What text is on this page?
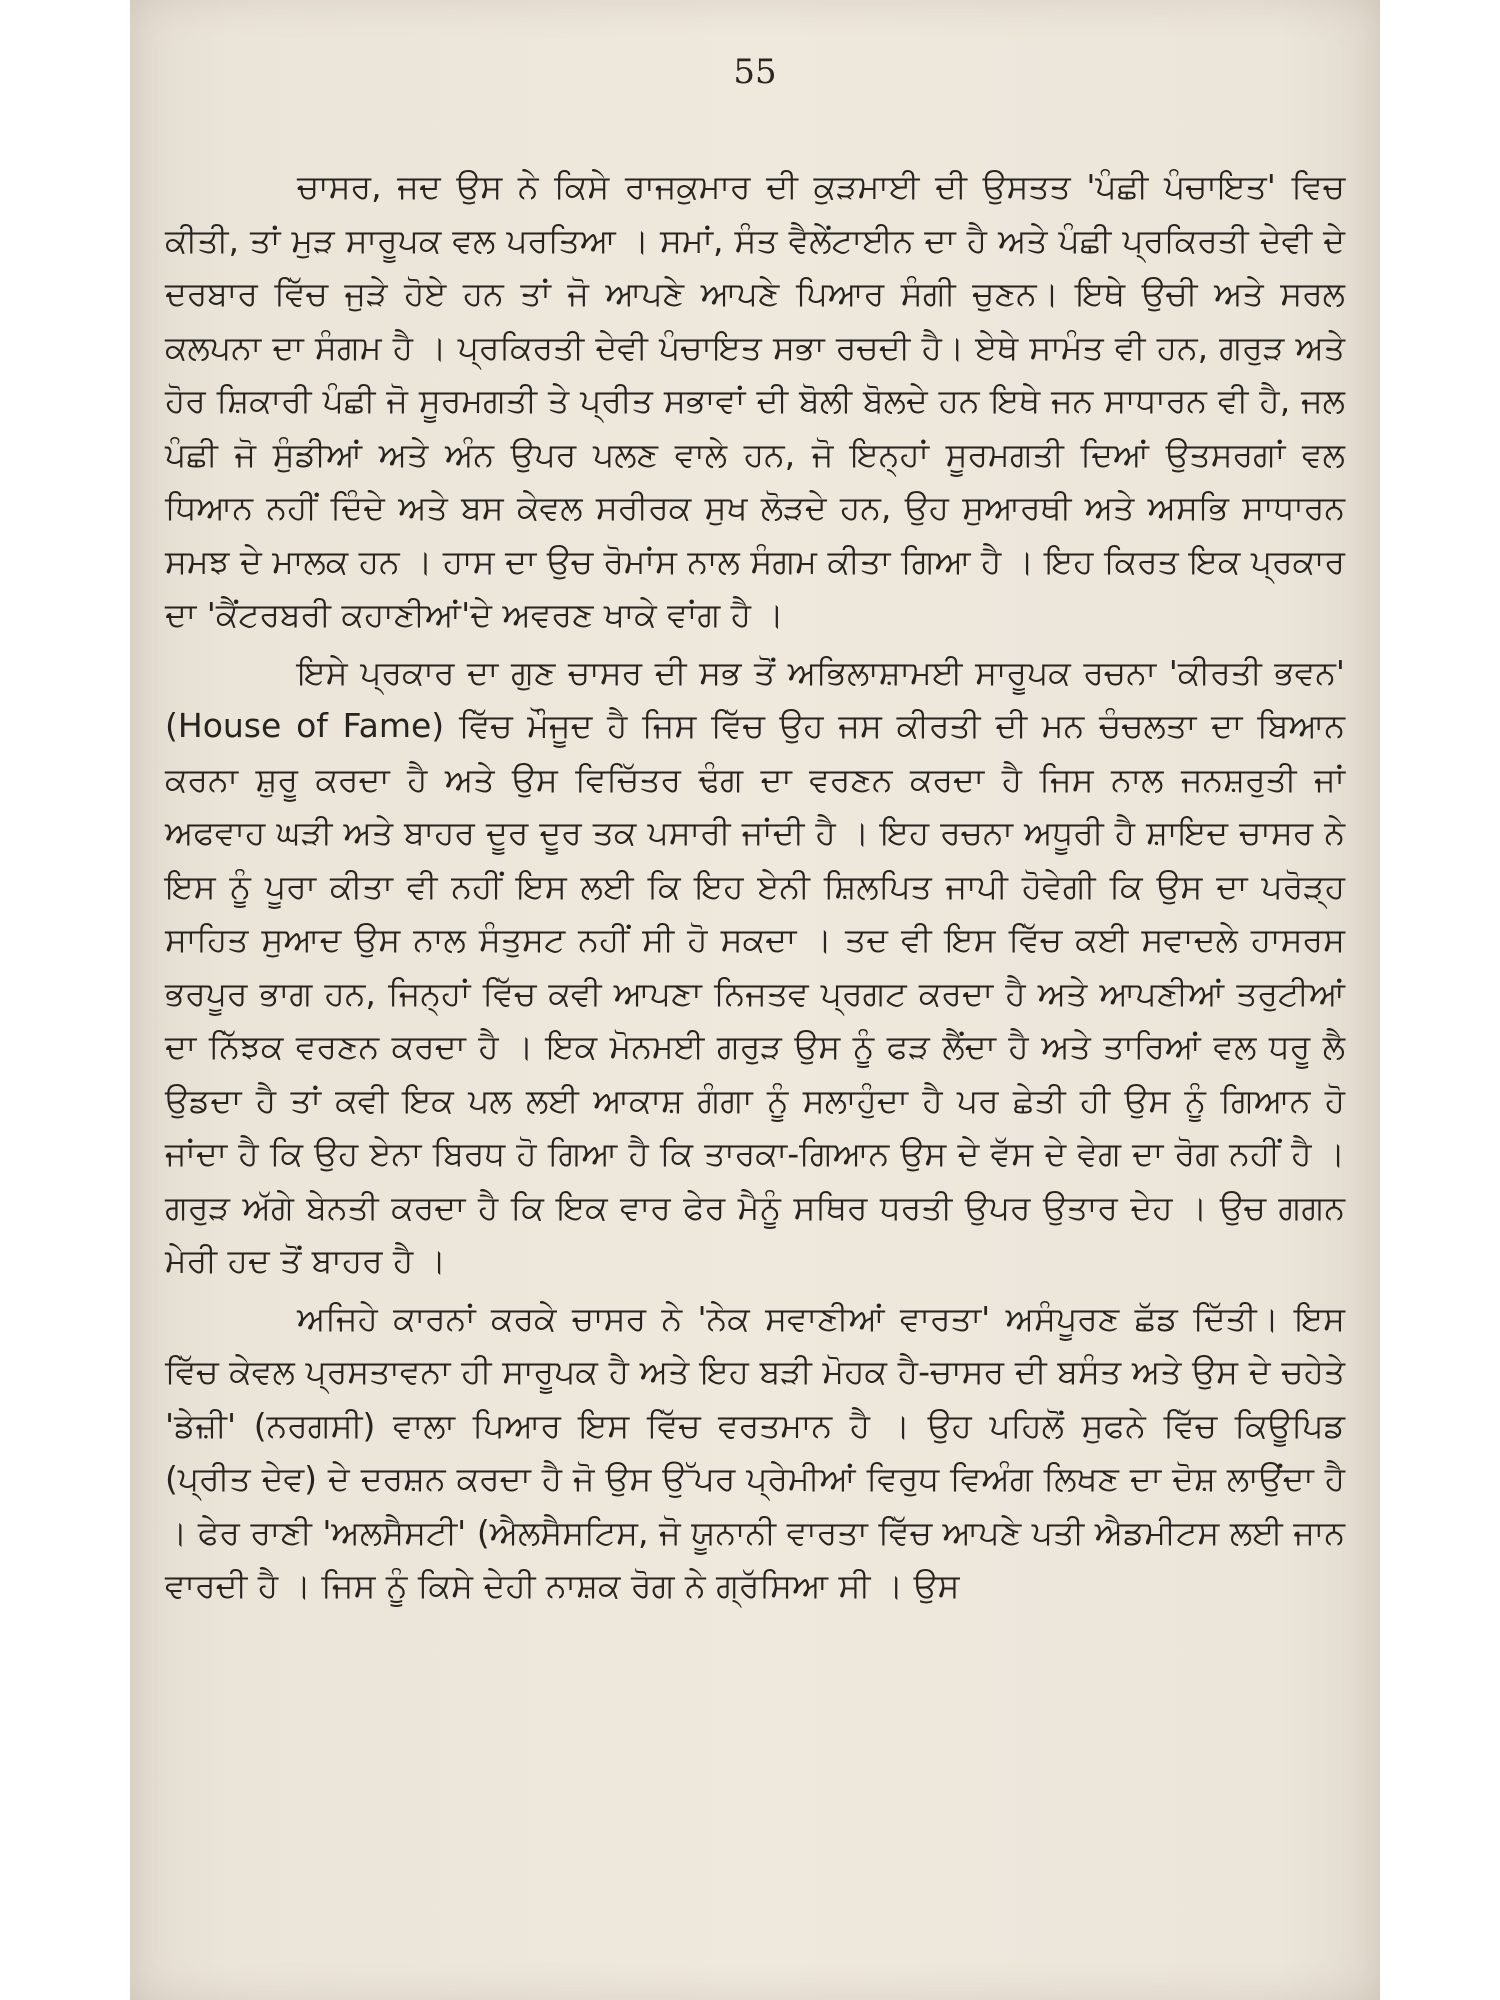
55

ਚਾਸਰ, ਜਦ ਉਸ ਨੇ ਕਿਸੇ ਰਾਜਕੁਮਾਰ ਦੀ ਕੁੜਮਾਈ ਦੀ ਉਸਤਤ 'ਪੰਛੀ ਪੰਚਾਇਤ' ਵਿਚ ਕੀਤੀ, ਤਾਂ ਮੁੜ ਸਾਰੂਪਕ ਵਲ ਪਰਤਿਆ । ਸਮਾਂ, ਸੰਤ ਵੈਲੇਂਟਾਈਨ ਦਾ ਹੈ ਅਤੇ ਪੰਛੀ ਪ੍ਰਕਿਰਤੀ ਦੇਵੀ ਦੇ ਦਰਬਾਰ ਵਿੱਚ ਜੁੜੇ ਹੋਏ ਹਨ ਤਾਂ ਜੋ ਆਪਣੇ ਆਪਣੇ ਪਿਆਰ ਸੰਗੀ ਚੁਣਨ। ਇਥੇ ਉਚੀ ਅਤੇ ਸਰਲ ਕਲਪਨਾ ਦਾ ਸੰਗਮ ਹੈ । ਪ੍ਰਕਿਰਤੀ ਦੇਵੀ ਪੰਚਾਇਤ ਸਭਾ ਰਚਦੀ ਹੈ। ਏਥੇ ਸਾਮੰਤ ਵੀ ਹਨ, ਗਰੁੜ ਅਤੇ ਹੋਰ ਸ਼ਿਕਾਰੀ ਪੰਛੀ ਜੋ ਸੂਰਮਗਤੀ ਤੇ ਪ੍ਰੀਤ ਸਭਾਵਾਂ ਦੀ ਬੋਲੀ ਬੋਲਦੇ ਹਨ ਇਥੇ ਜਨ ਸਾਧਾਰਨ ਵੀ ਹੈ, ਜਲ ਪੰਛੀ ਜੋ ਸੁੰਡੀਆਂ ਅਤੇ ਅੰਨ ਉਪਰ ਪਲਣ ਵਾਲੇ ਹਨ, ਜੋ ਇਨ੍ਹਾਂ ਸੂਰਮਗਤੀ ਦਿਆਂ ਉਤਸਰਗਾਂ ਵਲ ਧਿਆਨ ਨਹੀਂ ਦਿੰਦੇ ਅਤੇ ਬਸ ਕੇਵਲ ਸਰੀਰਕ ਸੁਖ ਲੋੜਦੇ ਹਨ, ਉਹ ਸੁਆਰਥੀ ਅਤੇ ਅਸਭਿ ਸਾਧਾਰਨ ਸਮਝ ਦੇ ਮਾਲਕ ਹਨ । ਹਾਸ ਦਾ ਉਚ ਰੋਮਾਂਸ ਨਾਲ ਸੰਗਮ ਕੀਤਾ ਗਿਆ ਹੈ । ਇਹ ਕਿਰਤ ਇਕ ਪ੍ਰਕਾਰ ਦਾ 'ਕੈਂਟਰਬਰੀ ਕਹਾਣੀਆਂ'ਦੇ ਅਵਰਣ ਖਾਕੇ ਵਾਂਗ ਹੈ ।

ਇਸੇ ਪ੍ਰਕਾਰ ਦਾ ਗੁਣ ਚਾਸਰ ਦੀ ਸਭ ਤੋਂ ਅਭਿਲਾਸ਼ਾਮਈ ਸਾਰੂਪਕ ਰਚਨਾ 'ਕੀਰਤੀ ਭਵਨ' (House of Fame) ਵਿੱਚ ਮੌਜੂਦ ਹੈ ਜਿਸ ਵਿੱਚ ਉਹ ਜਸ ਕੀਰਤੀ ਦੀ ਮਨ ਚੰਚਲਤਾ ਦਾ ਬਿਆਨ ਕਰਨਾ ਸ਼ੁਰੂ ਕਰਦਾ ਹੈ ਅਤੇ ਉਸ ਵਿਚਿੱਤਰ ਢੰਗ ਦਾ ਵਰਣਨ ਕਰਦਾ ਹੈ ਜਿਸ ਨਾਲ ਜਨਸ਼ਰੁਤੀ ਜਾਂ ਅਫਵਾਹ ਘੜੀ ਅਤੇ ਬਾਹਰ ਦੂਰ ਦੂਰ ਤਕ ਪਸਾਰੀ ਜਾਂਦੀ ਹੈ । ਇਹ ਰਚਨਾ ਅਧੂਰੀ ਹੈ ਸ਼ਾਇਦ ਚਾਸਰ ਨੇ ਇਸ ਨੂੰ ਪੂਰਾ ਕੀਤਾ ਵੀ ਨਹੀਂ ਇਸ ਲਈ ਕਿ ਇਹ ਏਨੀ ਸ਼ਿਲਪਿਤ ਜਾਪੀ ਹੋਵੇਗੀ ਕਿ ਉਸ ਦਾ ਪਰੋੜ੍ਹ ਸਾਹਿਤ ਸੁਆਦ ਉਸ ਨਾਲ ਸੰਤੁਸਟ ਨਹੀਂ ਸੀ ਹੋ ਸਕਦਾ । ਤਦ ਵੀ ਇਸ ਵਿੱਚ ਕਈ ਸਵਾਦਲੇ ਹਾਸਰਸ ਭਰਪੂਰ ਭਾਗ ਹਨ, ਜਿਨ੍ਹਾਂ ਵਿੱਚ ਕਵੀ ਆਪਣਾ ਨਿਜਤਵ ਪ੍ਰਗਟ ਕਰਦਾ ਹੈ ਅਤੇ ਆਪਣੀਆਂ ਤਰੁਟੀਆਂ ਦਾ ਨਿੱਝਕ ਵਰਣਨ ਕਰਦਾ ਹੈ । ਇਕ ਮੋਨਮਈ ਗਰੁੜ ਉਸ ਨੂੰ ਫੜ ਲੈਂਦਾ ਹੈ ਅਤੇ ਤਾਰਿਆਂ ਵਲ ਧਰੂ ਲੈ ਉਡਦਾ ਹੈ ਤਾਂ ਕਵੀ ਇਕ ਪਲ ਲਈ ਆਕਾਸ਼ ਗੰਗਾ ਨੂੰ ਸਲਾਹੁੰਦਾ ਹੈ ਪਰ ਛੇਤੀ ਹੀ ਉਸ ਨੂੰ ਗਿਆਨ ਹੋ ਜਾਂਦਾ ਹੈ ਕਿ ਉਹ ਏਨਾ ਬਿਰਧ ਹੋ ਗਿਆ ਹੈ ਕਿ ਤਾਰਕਾ-ਗਿਆਨ ਉਸ ਦੇ ਵੱਸ ਦੇ ਵੇਗ ਦਾ ਰੋਗ ਨਹੀਂ ਹੈ । ਗਰੁੜ ਅੱਗੇ ਬੇਨਤੀ ਕਰਦਾ ਹੈ ਕਿ ਇਕ ਵਾਰ ਫੇਰ ਮੈਨੂੰ ਸਥਿਰ ਧਰਤੀ ਉਪਰ ਉਤਾਰ ਦੇਹ । ਉਚ ਗਗਨ ਮੇਰੀ ਹਦ ਤੋਂ ਬਾਹਰ ਹੈ ।

ਅਜਿਹੇ ਕਾਰਨਾਂ ਕਰਕੇ ਚਾਸਰ ਨੇ 'ਨੇਕ ਸਵਾਣੀਆਂ ਵਾਰਤਾ' ਅਸੰਪੂਰਣ ਛੱਡ ਦਿੱਤੀ। ਇਸ ਵਿੱਚ ਕੇਵਲ ਪ੍ਰਸਤਾਵਨਾ ਹੀ ਸਾਰੂਪਕ ਹੈ ਅਤੇ ਇਹ ਬੜੀ ਮੋਹਕ ਹੈ-ਚਾਸਰ ਦੀ ਬਸੰਤ ਅਤੇ ਉਸ ਦੇ ਚਹੇਤੇ 'ਡੇਜ਼ੀ' (ਨਰਗਸੀ) ਵਾਲਾ ਪਿਆਰ ਇਸ ਵਿੱਚ ਵਰਤਮਾਨ ਹੈ । ਉਹ ਪਹਿਲੋਂ ਸੁਫਨੇ ਵਿੱਚ ਕਿਊਪਿਡ (ਪ੍ਰੀਤ ਦੇਵ) ਦੇ ਦਰਸ਼ਨ ਕਰਦਾ ਹੈ ਜੋ ਉਸ ਉੱਪਰ ਪ੍ਰੇਮੀਆਂ ਵਿਰੁਧ ਵਿਅੰਗ ਲਿਖਣ ਦਾ ਦੋਸ਼ ਲਾਉਂਦਾ ਹੈ । ਫੇਰ ਰਾਣੀ 'ਅਲਸੈਸਟੀ' (ਐਲਸੈਸਟਿਸ, ਜੋ ਯੂਨਾਨੀ ਵਾਰਤਾ ਵਿੱਚ ਆਪਣੇ ਪਤੀ ਐਡਮੀਟਸ ਲਈ ਜਾਨ ਵਾਰਦੀ ਹੈ । ਜਿਸ ਨੂੰ ਕਿਸੇ ਦੇਹੀ ਨਾਸ਼ਕ ਰੋਗ ਨੇ ਗ੍ਰੱਸਿਆ ਸੀ । ਉਸ
